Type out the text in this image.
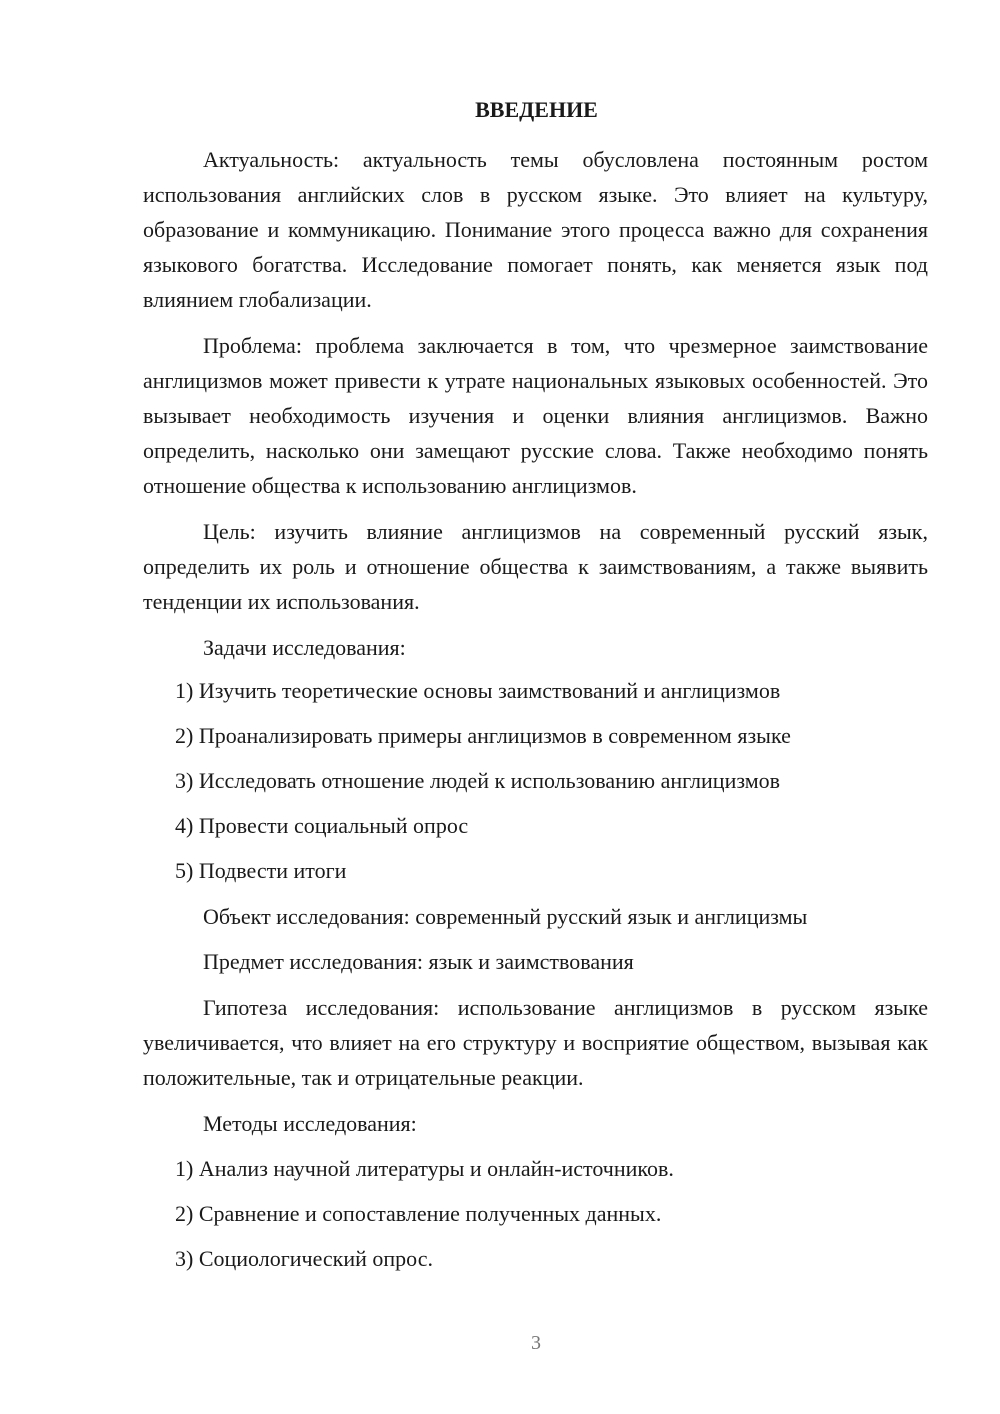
ВВЕДЕНИЕ

Актуальность: актуальность темы обусловлена постоянным ростом использования английских слов в русском языке. Это влияет на культуру, образование и коммуникацию. Понимание этого процесса важно для сохранения языкового богатства. Исследование помогает понять, как меняется язык под влиянием глобализации.

Проблема: проблема заключается в том, что чрезмерное заимствование англицизмов может привести к утрате национальных языковых особенностей. Это вызывает необходимость изучения и оценки влияния англицизмов. Важно определить, насколько они замещают русские слова. Также необходимо понять отношение общества к использованию англицизмов.

Цель: изучить влияние англицизмов на современный русский язык, определить их роль и отношение общества к заимствованиям, а также выявить тенденции их использования.

Задачи исследования:

1) Изучить теоретические основы заимствований и англицизмов

2) Проанализировать примеры англицизмов в современном языке

3) Исследовать отношение людей к использованию англицизмов

4) Провести социальный опрос

5) Подвести итоги

Объект исследования: современный русский язык и англицизмы

Предмет исследования: язык и заимствования

Гипотеза исследования: использование англицизмов в русском языке увеличивается, что влияет на его структуру и восприятие обществом, вызывая как положительные, так и отрицательные реакции.

Методы исследования:

1) Анализ научной литературы и онлайн-источников.

2) Сравнение и сопоставление полученных данных.

3) Социологический опрос.

3
